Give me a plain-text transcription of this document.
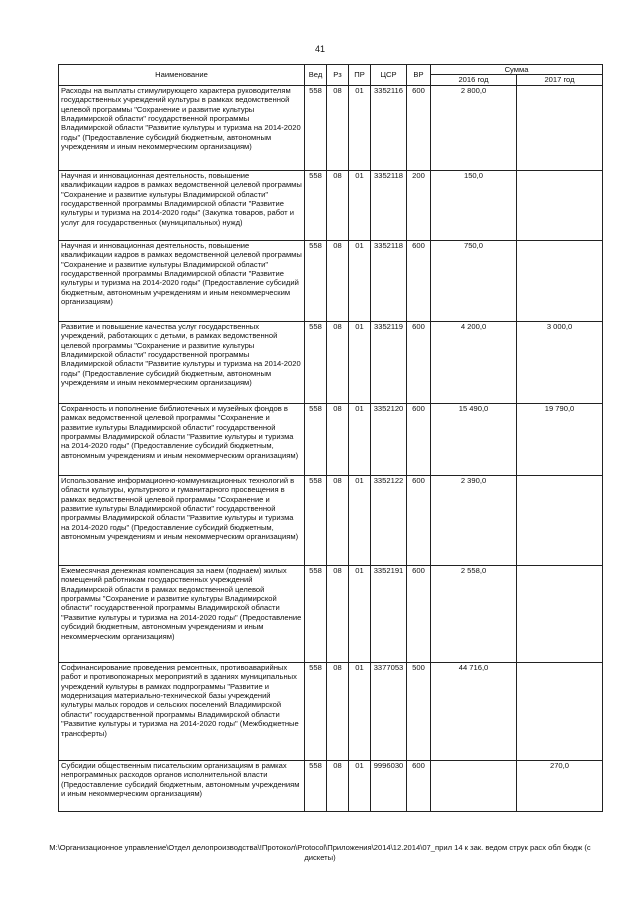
41
Наименование	Вед	Рз	ПР	ЦСР	ВР	Сумма	
						2016 год	2017 год
Расходы на выплаты стимулирующего характера руководителям государственных учреждений культуры в рамках ведомственной целевой программы "Сохранение и развитие культуры Владимирской области" государственной программы Владимирской области "Развитие культуры и туризма на 2014-2020 годы" (Предоставление субсидий бюджетным, автономным учреждениям и иным некоммерческим организациям)	558	08	01	3352116	600	2 800,0	
Научная и инновационная деятельность, повышение квалификации кадров в рамках ведомственной целевой программы "Сохранение и развитие культуры Владимирской области" государственной программы Владимирской области "Развитие культуры и туризма на 2014-2020 годы" (Закупка товаров, работ и услуг для государственных (муниципальных) нужд)	558	08	01	3352118	200	150,0	
Научная и инновационная деятельность, повышение квалификации кадров в рамках ведомственной целевой программы "Сохранение и развитие культуры Владимирской области" государственной программы Владимирской области "Развитие культуры и туризма на 2014-2020 годы" (Предоставление субсидий бюджетным, автономным учреждениям и иным некоммерческим организациям)	558	08	01	3352118	600	750,0	
Развитие и повышение качества услуг государственных учреждений, работающих с детьми, в рамках ведомственной целевой программы "Сохранение и развитие культуры Владимирской области" государственной программы Владимирской области "Развитие культуры и туризма на 2014-2020 годы" (Предоставление субсидий бюджетным, автономным учреждениям и иным некоммерческим организациям)	558	08	01	3352119	600	4 200,0	3 000,0
Сохранность и пополнение библиотечных и музейных фондов в рамках ведомственной целевой программы "Сохранение и развитие культуры Владимирской области" государственной программы Владимирской области "Развитие культуры и туризма на 2014-2020 годы" (Предоставление субсидий бюджетным, автономным учреждениям и иным некоммерческим организациям)	558	08	01	3352120	600	15 490,0	19 790,0
Использование информационно-коммуникационных технологий в области культуры, культурного и гуманитарного просвещения в рамках ведомственной целевой программы "Сохранение и развитие культуры Владимирской области" государственной программы Владимирской области "Развитие культуры и туризма на 2014-2020 годы" (Предоставление субсидий бюджетным, автономным учреждениям и иным некоммерческим организациям)	558	08	01	3352122	600	2 390,0	
Ежемесячная денежная компенсация за наем (поднаем) жилых помещений работникам государственных учреждений Владимирской области в рамках ведомственной целевой программы "Сохранение и развитие культуры Владимирской области" государственной программы Владимирской области "Развитие культуры и туризма на 2014-2020 годы" (Предоставление субсидий бюджетным, автономным учреждениям и иным некоммерческим организациям)	558	08	01	3352191	600	2 558,0	
Софинансирование проведения ремонтных, противоаварийных работ и противопожарных мероприятий в зданиях муниципальных учреждений культуры в рамках подпрограммы "Развитие и модернизация материально-технической базы учреждений культуры малых городов и сельских поселений Владимирской области" государственной программы Владимирской области "Развитие культуры и туризма на 2014-2020 годы" (Межбюджетные трансферты)	558	08	01	3377053	500	44 716,0	
Субсидии общественным писательским организациям в рамках непрограммных расходов органов исполнительной власти (Предоставление субсидий бюджетным, автономным учреждениям и иным некоммерческим организациям)	558	08	01	9996030	600		270,0
M:\Организационное управление\Отдел делопроизводства\!Протокол\Protocol\Приложения\2014\12.2014\07_прил 14 к зак. ведом струк расх обл бюдж (с дискеты)
